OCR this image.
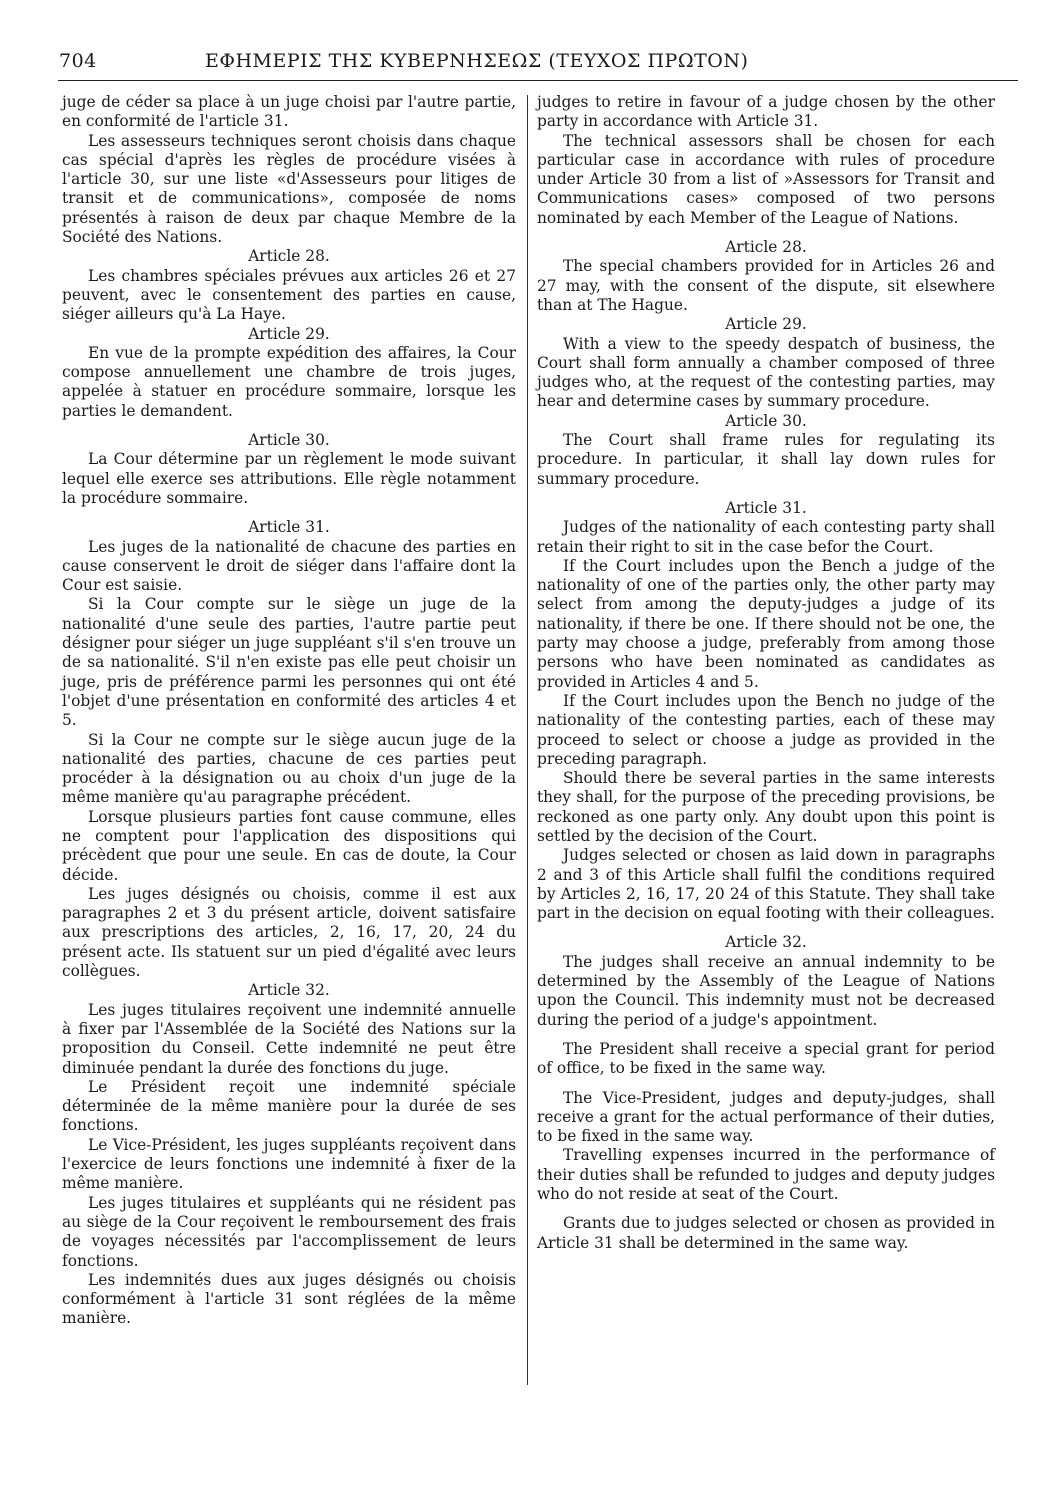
704	ΕΦΗΜΕΡΙΣ ΤΗΣ ΚΥΒΕΡΝΗΣΕΩΣ (ΤΕΥΧΟΣ ΠΡΩΤΟΝ)

juge de céder sa place à un juge choisi par l'autre partie, en conformité de l'article 31.

Les assesseurs techniques seront choisis dans chaque cas spécial d'après les règles de procédure visées à l'article 30, sur une liste «d'Assesseurs pour litiges de transit et de communications», composée de noms présentés à raison de deux par chaque Membre de la Société des Nations.

Article 28.

Les chambres spéciales prévues aux articles 26 et 27 peuvent, avec le consentement des parties en cause, siéger ailleurs qu'à La Haye.

Article 29.

En vue de la prompte expédition des affaires, la Cour compose annuellement une chambre de trois juges, appelée à statuer en procédure sommaire, lorsque les parties le demandent.

Article 30.

La Cour détermine par un règlement le mode suivant lequel elle exerce ses attributions. Elle règle notamment la procédure sommaire.

Article 31.

Les juges de la nationalité de chacune des parties en cause conservent le droit de siéger dans l'affaire dont la Cour est saisie.

Si la Cour compte sur le siège un juge de la nationalité d'une seule des parties, l'autre partie peut désigner pour siéger un juge suppléant s'il s'en trouve un de sa nationalité. S'il n'en existe pas elle peut choisir un juge, pris de préférence parmi les personnes qui ont été l'objet d'une présentation en conformité des articles 4 et 5.

Si la Cour ne compte sur le siège aucun juge de la nationalité des parties, chacune de ces parties peut procéder à la désignation ou au choix d'un juge de la même manière qu'au paragraphe précédent.

Lorsque plusieurs parties font cause commune, elles ne comptent pour l'application des dispositions qui précèdent que pour une seule. En cas de doute, la Cour décide.

Les juges désignés ou choisis, comme il est aux paragraphes 2 et 3 du présent article, doivent satisfaire aux prescriptions des articles, 2, 16, 17, 20, 24 du présent acte. Ils statuent sur un pied d'égalité avec leurs collègues.

Article 32.

Les juges titulaires reçoivent une indemnité annuelle à fixer par l'Assemblée de la Société des Nations sur la proposition du Conseil. Cette indemnité ne peut être diminuée pendant la durée des fonctions du juge.

Le Président reçoit une indemnité spéciale déterminée de la même manière pour la durée de ses fonctions.

Le Vice-Président, les juges suppléants reçoivent dans l'exercice de leurs fonctions une indemnité à fixer de la même manière.

Les juges titulaires et suppléants qui ne résident pas au siège de la Cour reçoivent le remboursement des frais de voyages nécessités par l'accomplissement de leurs fonctions.

Les indemnités dues aux juges désignés ou choisis conformément à l'article 31 sont réglées de la même manière.

judges to retire in favour of a judge chosen by the other party in accordance with Article 31.

The technical assessors shall be chosen for each particular case in accordance with rules of procedure under Article 30 from a list of »Assessors for Transit and Communications cases» composed of two persons nominated by each Member of the League of Nations.

Article 28.

The special chambers provided for in Articles 26 and 27 may, with the consent of the dispute, sit elsewhere than at The Hague.

Article 29.

With a view to the speedy despatch of business, the Court shall form annually a chamber composed of three judges who, at the request of the contesting parties, may hear and determine cases by summary procedure.

Article 30.

The Court shall frame rules for regulating its procedure. In particular, it shall lay down rules for summary procedure.

Article 31.

Judges of the nationality of each contesting party shall retain their right to sit in the case befor the Court.

If the Court includes upon the Bench a judge of the nationality of one of the parties only, the other party may select from among the deputy-judges a judge of its nationality, if there be one. If there should not be one, the party may choose a judge, preferably from among those persons who have been nominated as candidates as provided in Articles 4 and 5.

If the Court includes upon the Bench no judge of the nationality of the contesting parties, each of these may proceed to select or choose a judge as provided in the preceding paragraph.

Should there be several parties in the same interests they shall, for the purpose of the preceding provisions, be reckoned as one party only. Any doubt upon this point is settled by the decision of the Court.

Judges selected or chosen as laid down in paragraphs 2 and 3 of this Article shall fulfil the conditions required by Articles 2, 16, 17, 20 24 of this Statute. They shall take part in the decision on equal footing with their colleagues.

Article 32.

The judges shall receive an annual indemnity to be determined by the Assembly of the League of Nations upon the Council. This indemnity must not be decreased during the period of a judge's appointment.

The President shall receive a special grant for period of office, to be fixed in the same way.

The Vice-President, judges and deputy-judges, shall receive a grant for the actual performance of their duties, to be fixed in the same way.

Travelling expenses incurred in the performance of their duties shall be refunded to judges and deputy judges who do not reside at seat of the Court.

Grants due to judges selected or chosen as provided in Article 31 shall be determined in the same way.
